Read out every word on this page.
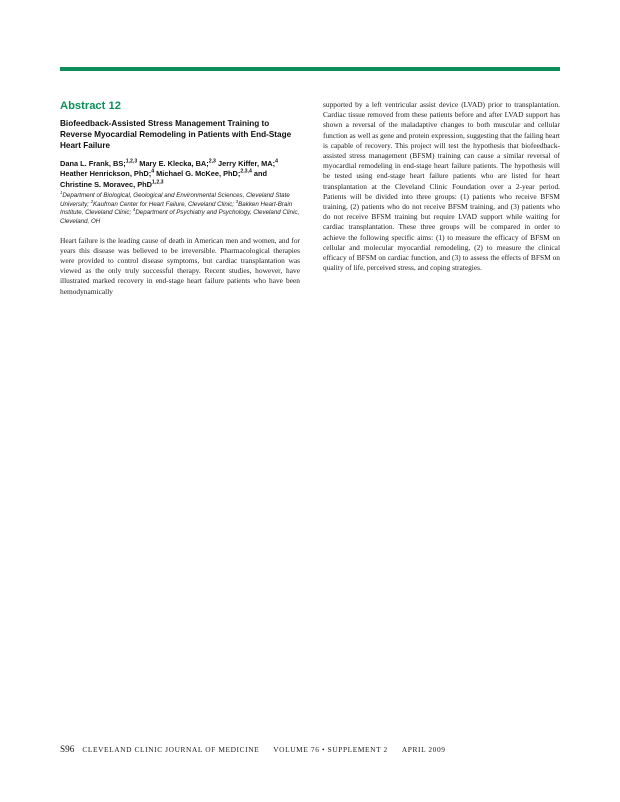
Abstract 12
Biofeedback-Assisted Stress Management Training to Reverse Myocardial Remodeling in Patients with End-Stage Heart Failure

Dana L. Frank, BS;$^{1,2,3}$ Mary E. Klecka, BA;$^{2,3}$ Jerry Kiffer, MA;$^4$ Heather Henrickson, PhD;$^4$ Michael G. McKee, PhD;$^{2,3,4}$ and Christine S. Moravec, PhD$^{1,2,3}$

$^1$Department of Biological, Geological and Environmental Sciences, Cleveland State University; $^2$Kaufman Center for Heart Failure, Cleveland Clinic; $^3$Bakken Heart-Brain Institute, Cleveland Clinic; $^4$Department of Psychiatry and Psychology, Cleveland Clinic, Cleveland, OH

Heart failure is the leading cause of death in American men and women, and for years this disease was believed to be irreversible. Pharmacological therapies were provided to control disease symptoms, but cardiac transplantation was viewed as the only truly successful therapy. Recent studies, however, have illustrated marked recovery in end-stage heart failure patients who have been hemodynamically

supported by a left ventricular assist device (LVAD) prior to transplantation. Cardiac tissue removed from these patients before and after LVAD support has shown a reversal of the maladaptive changes to both muscular and cellular function as well as gene and protein expression, suggesting that the failing heart is capable of recovery. This project will test the hypothesis that biofeedback-assisted stress management (BFSM) training can cause a similar reversal of myocardial remodeling in end-stage heart failure patients. The hypothesis will be tested using end-stage heart failure patients who are listed for heart transplantation at the Cleveland Clinic Foundation over a 2-year period. Patients will be divided into three groups: (1) patients who receive BFSM training, (2) patients who do not receive BFSM training, and (3) patients who do not receive BFSM training but require LVAD support while waiting for cardiac transplantation. These three groups will be compared in order to achieve the following specific aims: (1) to measure the efficacy of BFSM on cellular and molecular myocardial remodeling, (2) to measure the clinical efficacy of BFSM on cardiac function, and (3) to assess the effects of BFSM on quality of life, perceived stress, and coping strategies.

S96 CLEVELAND CLINIC JOURNAL OF MEDICINE VOLUME 76 • SUPPLEMENT 2 APRIL 2009
